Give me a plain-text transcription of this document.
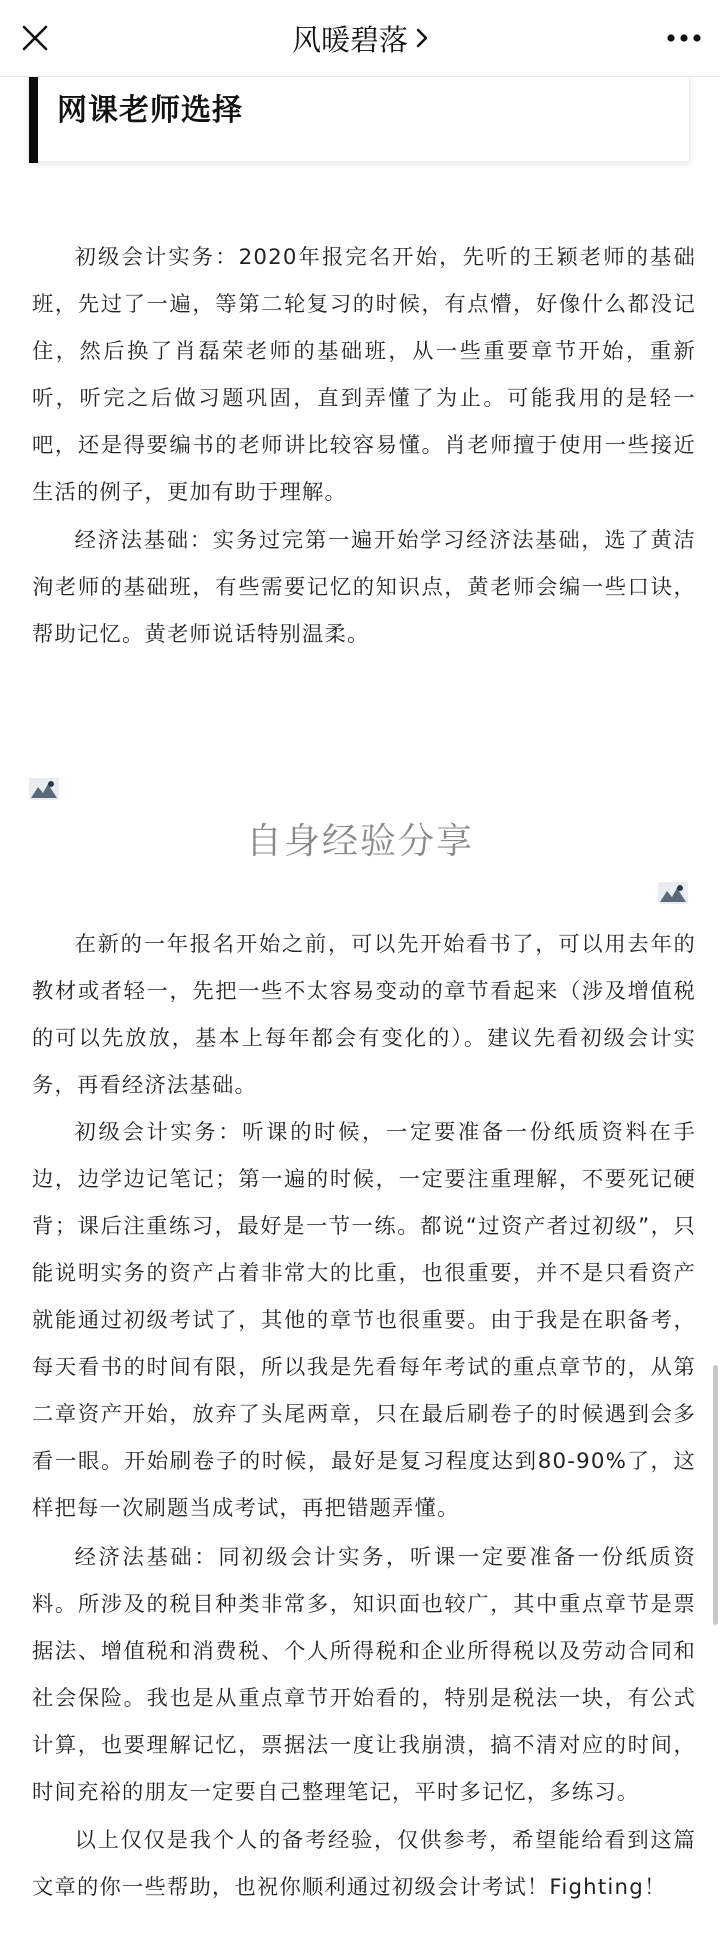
风暖碧落
网课老师选择

初级会计实务：2020年报完名开始，先听的王颖老师的基础班，先过了一遍，等第二轮复习的时候，有点懵，好像什么都没记住，然后换了肖磊荣老师的基础班，从一些重要章节开始，重新听，听完之后做习题巩固，直到弄懂了为止。可能我用的是轻一吧，还是得要编书的老师讲比较容易懂。肖老师擅于使用一些接近生活的例子，更加有助于理解。

经济法基础：实务过完第一遍开始学习经济法基础，选了黄洁洵老师的基础班，有些需要记忆的知识点，黄老师会编一些口诀，帮助记忆。黄老师说话特别温柔。

自身经验分享

在新的一年报名开始之前，可以先开始看书了，可以用去年的教材或者轻一，先把一些不太容易变动的章节看起来（涉及增值税的可以先放放，基本上每年都会有变化的）。建议先看初级会计实务，再看经济法基础。

初级会计实务：听课的时候，一定要准备一份纸质资料在手边，边学边记笔记；第一遍的时候，一定要注重理解，不要死记硬背；课后注重练习，最好是一节一练。都说“过资产者过初级”，只能说明实务的资产占着非常大的比重，也很重要，并不是只看资产就能通过初级考试了，其他的章节也很重要。由于我是在职备考，每天看书的时间有限，所以我是先看每年考试的重点章节的，从第二章资产开始，放弃了头尾两章，只在最后刷卷子的时候遇到会多看一眼。开始刷卷子的时候，最好是复习程度达到80-90%了，这样把每一次刷题当成考试，再把错题弄懂。

经济法基础：同初级会计实务，听课一定要准备一份纸质资料。所涉及的税目种类非常多，知识面也较广，其中重点章节是票据法、增值税和消费税、个人所得税和企业所得税以及劳动合同和社会保险。我也是从重点章节开始看的，特别是税法一块，有公式计算，也要理解记忆，票据法一度让我崩溃，搞不清对应的时间，时间充裕的朋友一定要自己整理笔记，平时多记忆，多练习。

以上仅仅是我个人的备考经验，仅供参考，希望能给看到这篇文章的你一些帮助，也祝你顺利通过初级会计考试！Fighting！
